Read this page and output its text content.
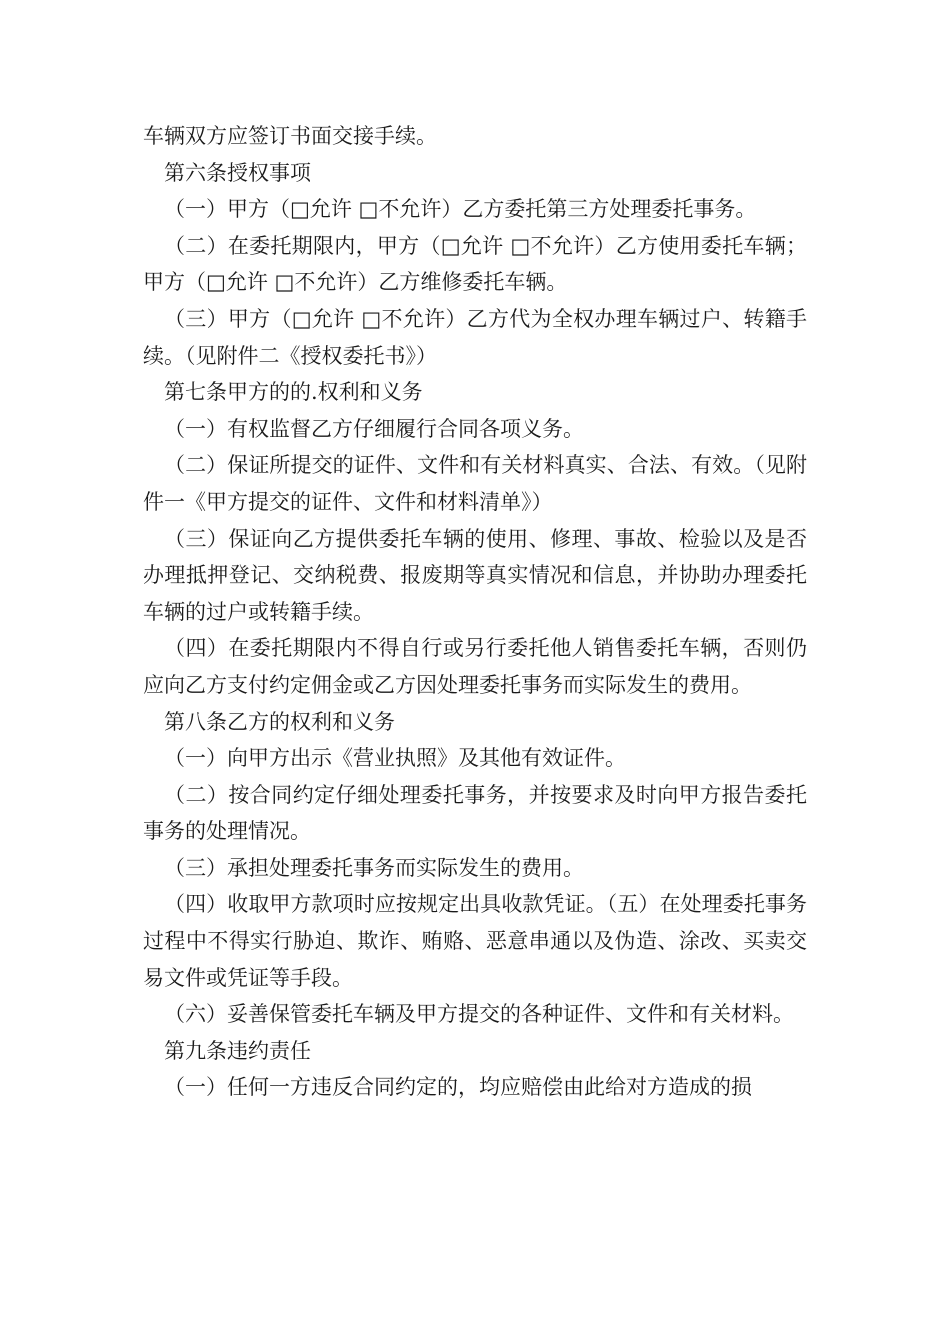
车辆双方应签订书面交接手续。

第六条授权事项

（一）甲方（□允许 □不允许）乙方委托第三方处理委托事务。

（二）在委托期限内，甲方（□允许 □不允许）乙方使用委托车辆；甲方（□允许 □不允许）乙方维修委托车辆。

（三）甲方（□允许 □不允许）乙方代为全权办理车辆过户、转籍手续。（见附件二《授权委托书》）

第七条甲方的的.权利和义务

（一）有权监督乙方仔细履行合同各项义务。

（二）保证所提交的证件、文件和有关材料真实、合法、有效。（见附件一《甲方提交的证件、文件和材料清单》）

（三）保证向乙方提供委托车辆的使用、修理、事故、检验以及是否办理抵押登记、交纳税费、报废期等真实情况和信息，并协助办理委托车辆的过户或转籍手续。

（四）在委托期限内不得自行或另行委托他人销售委托车辆，否则仍应向乙方支付约定佣金或乙方因处理委托事务而实际发生的费用。

第八条乙方的权利和义务

（一）向甲方出示《营业执照》及其他有效证件。

（二）按合同约定仔细处理委托事务，并按要求及时向甲方报告委托事务的处理情况。

（三）承担处理委托事务而实际发生的费用。

（四）收取甲方款项时应按规定出具收款凭证。（五）在处理委托事务过程中不得实行胁迫、欺诈、贿赂、恶意串通以及伪造、涂改、买卖交易文件或凭证等手段。

（六）妥善保管委托车辆及甲方提交的各种证件、文件和有关材料。

第九条违约责任

（一）任何一方违反合同约定的，均应赔偿由此给对方造成的损
